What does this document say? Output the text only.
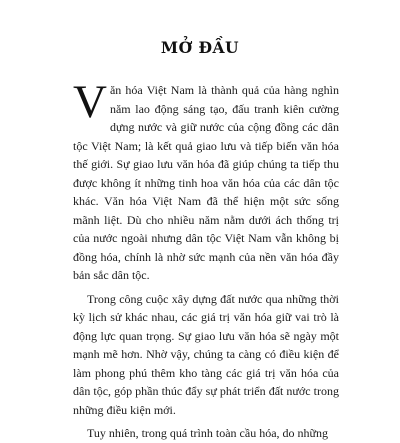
MỞ ĐẦU

Văn hóa Việt Nam là thành quả của hàng nghìn năm lao động sáng tạo, đấu tranh kiên cường dựng nước và giữ nước của cộng đồng các dân tộc Việt Nam; là kết quả giao lưu và tiếp biến văn hóa thế giới. Sự giao lưu văn hóa đã giúp chúng ta tiếp thu được không ít những tinh hoa văn hóa của các dân tộc khác. Văn hóa Việt Nam đã thể hiện một sức sống mãnh liệt. Dù cho nhiều năm nằm dưới ách thống trị của nước ngoài nhưng dân tộc Việt Nam vẫn không bị đồng hóa, chính là nhờ sức mạnh của nền văn hóa đầy bản sắc dân tộc.

Trong công cuộc xây dựng đất nước qua những thời kỳ lịch sử khác nhau, các giá trị văn hóa giữ vai trò là động lực quan trọng. Sự giao lưu văn hóa sẽ ngày một mạnh mẽ hơn. Nhờ vậy, chúng ta càng có điều kiện để làm phong phú thêm kho tàng các giá trị văn hóa của dân tộc, góp phần thúc đẩy sự phát triển đất nước trong những điều kiện mới.

Tuy nhiên, trong quá trình toàn cầu hóa, do những
